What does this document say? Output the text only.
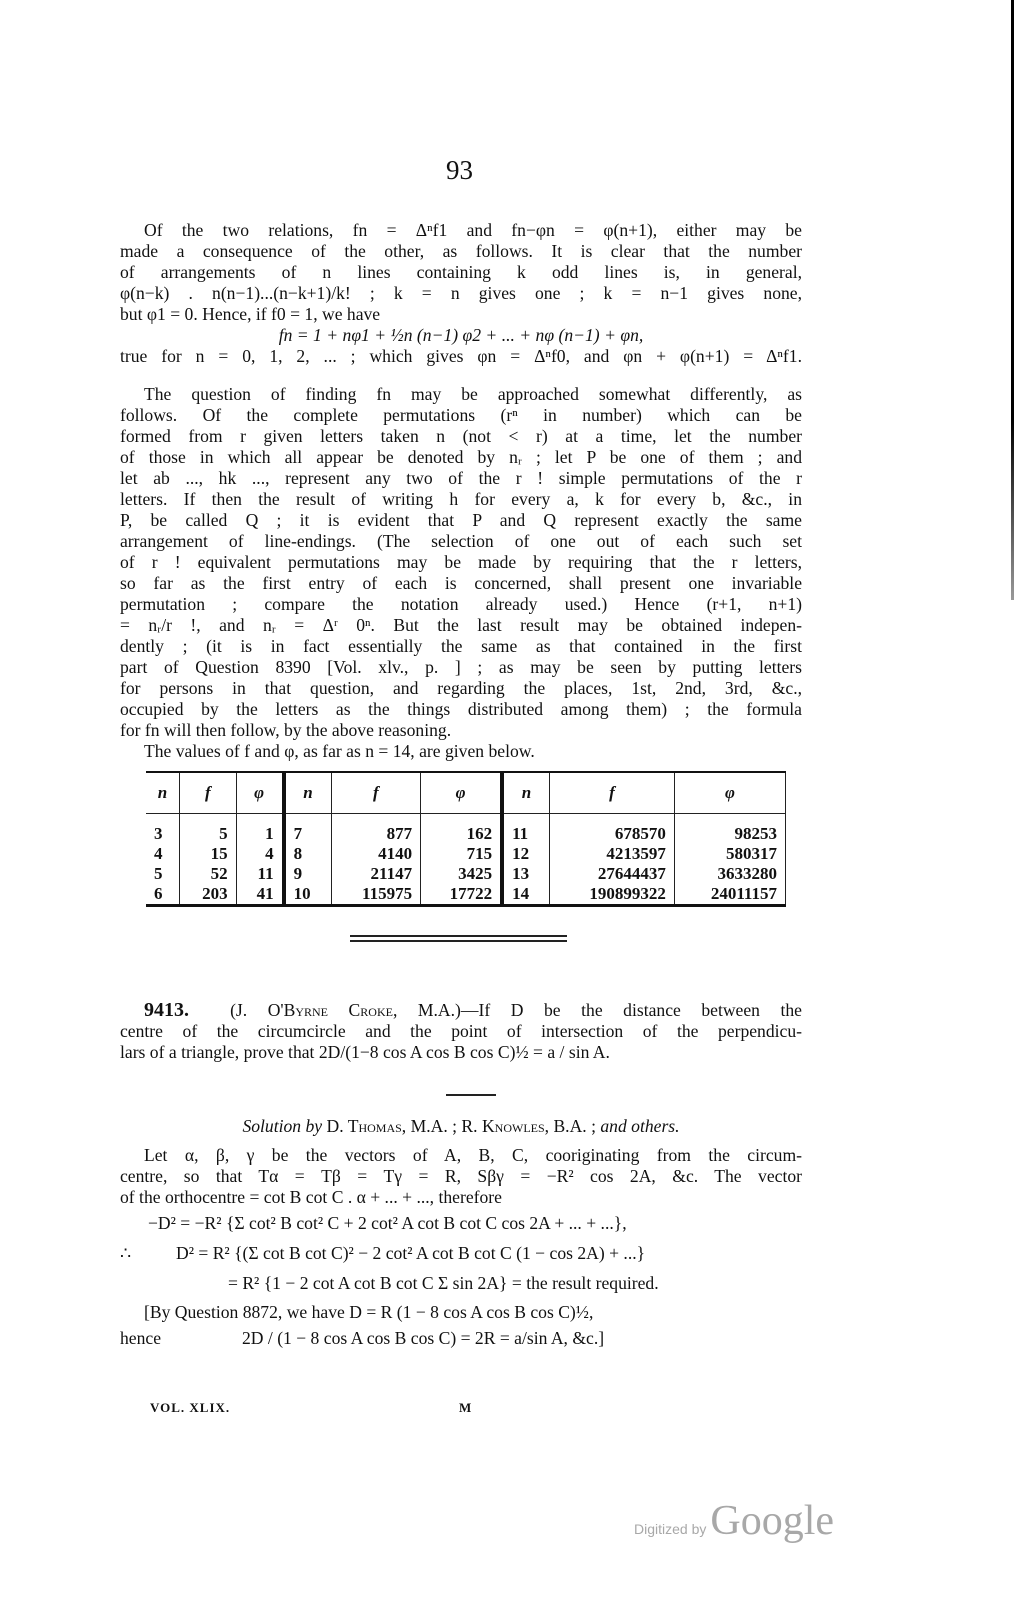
93
Of the two relations, fn = Δⁿf1 and fn−φn = φ(n+1), either may be
made a consequence of the other, as follows. It is clear that the number
of arrangements of n lines containing k odd lines is, in general,
φ(n−k) . n(n−1)...(n−k+1)/k! ; k = n gives one ; k = n−1 gives none,
but φ1 = 0. Hence, if f0 = 1, we have
fn = 1 + nφ1 + ½n (n−1) φ2 + ... + nφ (n−1) + φn,
true for n = 0, 1, 2, ... ; which gives φn = Δⁿf0, and φn + φ(n+1) = Δⁿf1.
The question of finding fn may be approached somewhat differently, as
follows. Of the complete permutations (rⁿ in number) which can be
formed from r given letters taken n (not < r) at a time, let the number
of those in which all appear be denoted by nᵣ ; let P be one of them ; and
let ab ..., hk ..., represent any two of the r ! simple permutations of the r
letters. If then the result of writing h for every a, k for every b, &c., in
P, be called Q ; it is evident that P and Q represent exactly the same
arrangement of line-endings. (The selection of one out of each such set
of r ! equivalent permutations may be made by requiring that the r letters,
so far as the first entry of each is concerned, shall present one invariable
permutation ; compare the notation already used.) Hence (r+1, n+1)
= nᵣ/r !, and nᵣ = Δʳ 0ⁿ. But the last result may be obtained indepen-
dently ; (it is in fact essentially the same as that contained in the first
part of Question 8390 [Vol. xlv., p. ] ; as may be seen by putting letters
for persons in that question, and regarding the places, 1st, 2nd, 3rd, &c.,
occupied by the letters as the things distributed among them) ; the formula
for fn will then follow, by the above reasoning.
The values of f and φ, as far as n = 14, are given below.
n	f	φ	n	f	φ	n	f	φ
3	5	1	7	877	162	11	678570	98253
4	15	4	8	4140	715	12	4213597	580317
5	52	11	9	21147	3425	13	27644437	3633280
6	203	41	10	115975	17722	14	190899322	24011157
9413. (J. O'Byrne Croke, M.A.)—If D be the distance between the
centre of the circumcircle and the point of intersection of the perpendicu-
lars of a triangle, prove that 2D/(1−8 cos A cos B cos C)½ = a / sin A.
Solution by D. Thomas, M.A. ; R. Knowles, B.A. ; and others.
Let α, β, γ be the vectors of A, B, C, cooriginating from the circum-
centre, so that Tα = Tβ = Tγ = R, Sβγ = −R² cos 2A, &c. The vector
of the orthocentre = cot B cot C . α + ... + ..., therefore
−D² = −R² {Σ cot² B cot² C + 2 cot² A cot B cot C cos 2A + ... + ...},
∴	D² = R² {(Σ cot B cot C)² − 2 cot² A cot B cot C (1 − cos 2A) + ...}
= R² {1 − 2 cot A cot B cot C Σ sin 2A} = the result required.
[By Question 8872, we have D = R (1 − 8 cos A cos B cos C)½,
hence	2D / (1 − 8 cos A cos B cos C) = 2R = a/sin A, &c.]
VOL. XLIX.	M
Digitized by Google
